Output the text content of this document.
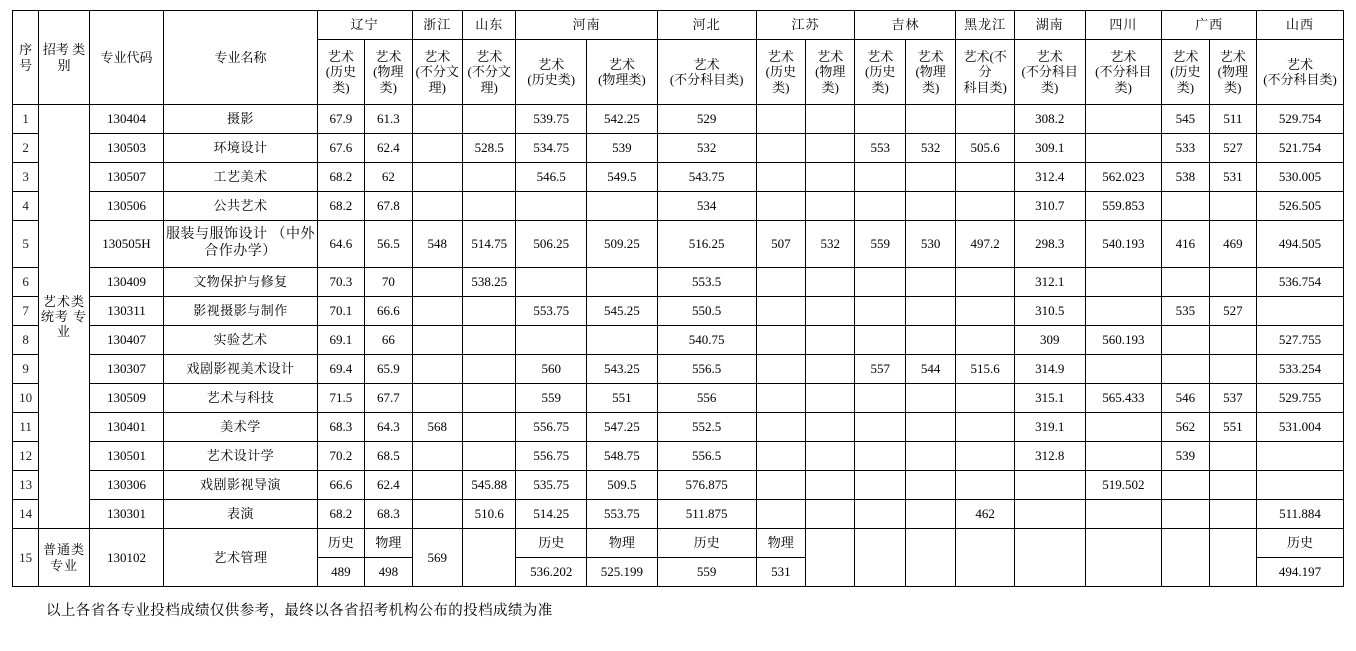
序 号	招考 类别	专业代码	专业名称	辽宁		浙江	山东	河南		河北	江苏		吉林		黑龙江	湖南	四川	广西		山西

				艺术
(历史
类)	艺术
(物理
类)	艺术
(不分文
理)	艺术
(不分文
理)	艺术
(历史类)	艺术
(物理类)	艺术
(不分科目类)	艺术
(历史
类)	艺术
(物理
类)	艺术
(历史
类)	艺术
(物理
类)	艺术(不分
科目类)	艺术
(不分科目类)	艺术
(不分科目
类)	艺术
(历史
类)	艺术
(物理
类)	艺术
(不分科目类)

1	艺术类 统考 专业	130404	摄影	67.9	61.3			539.75	542.25	529						308.2		545	511	529.754
2		130503	环境设计	67.6	62.4		528.5	534.75	539	532			553	532	505.6	309.1		533	527	521.754
3		130507	工艺美术	68.2	62			546.5	549.5	543.75						312.4	562.023	538	531	530.005
4		130506	公共艺术	68.2	67.8					534						310.7	559.853			526.505
5		130505H	服装与服饰设计 （中外合作办学）	64.6	56.5	548	514.75	506.25	509.25	516.25	507	532	559	530	497.2	298.3	540.193	416	469	494.505
6		130409	文物保护与修复	70.3	70		538.25			553.5						312.1				536.754
7		130311	影视摄影与制作	70.1	66.6			553.75	545.25	550.5						310.5		535	527	
8		130407	实验艺术	69.1	66					540.75						309	560.193			527.755
9		130307	戏剧影视美术设计	69.4	65.9			560	543.25	556.5			557	544	515.6	314.9				533.254
10		130509	艺术与科技	71.5	67.7			559	551	556						315.1	565.433	546	537	529.755
11		130401	美术学	68.3	64.3	568		556.75	547.25	552.5						319.1		562	551	531.004
12		130501	艺术设计学	70.2	68.5			556.75	548.75	556.5						312.8		539		
13		130306	戏剧影视导演	66.6	62.4		545.88	535.75	509.5	576.875							519.502			
14		130301	表演	68.2	68.3		510.6	514.25	553.75	511.875					462					511.884
15	普通类 专业	130102	艺术管理	历史	物理	569		历史	物理	历史	物理									历史
				489	498			536.202	525.199	559	531									494.197
以上各省各专业投档成绩仅供参考，最终以各省招考机构公布的投档成绩为准
